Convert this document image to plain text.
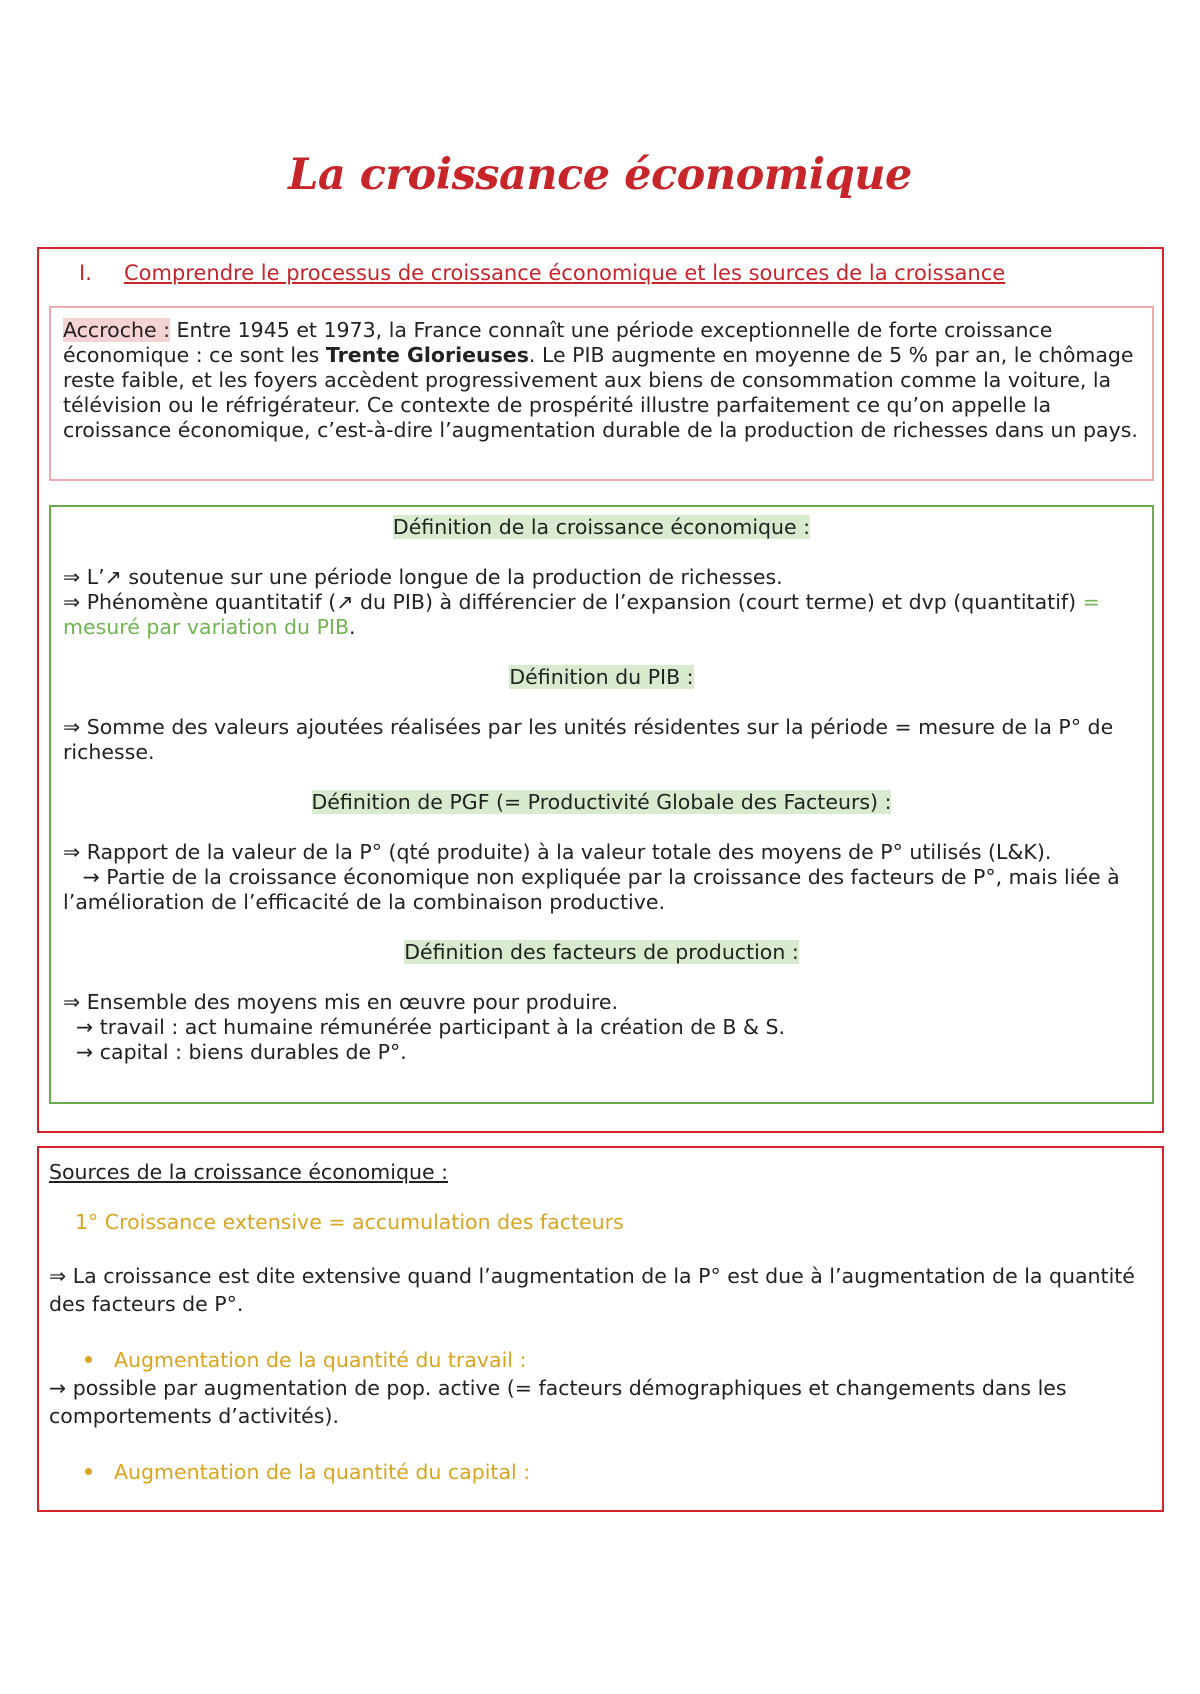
La croissance économique
I. Comprendre le processus de croissance économique et les sources de la croissance

Accroche : Entre 1945 et 1973, la France connaît une période exceptionnelle de forte croissance économique : ce sont les Trente Glorieuses. Le PIB augmente en moyenne de 5 % par an, le chômage reste faible, et les foyers accèdent progressivement aux biens de consommation comme la voiture, la télévision ou le réfrigérateur. Ce contexte de prospérité illustre parfaitement ce qu’on appelle la croissance économique, c’est-à-dire l’augmentation durable de la production de richesses dans un pays.

Définition de la croissance économique :

⇒ L’↗ soutenue sur une période longue de la production de richesses.

⇒ Phénomène quantitatif (↗ du PIB) à différencier de l’expansion (court terme) et dvp (quantitatif) = mesuré par variation du PIB.

Définition du PIB :

⇒ Somme des valeurs ajoutées réalisées par les unités résidentes sur la période = mesure de la P° de richesse.

Définition de PGF (= Productivité Globale des Facteurs) :

⇒ Rapport de la valeur de la P° (qté produite) à la valeur totale des moyens de P° utilisés (L&K).

→ Partie de la croissance économique non expliquée par la croissance des facteurs de P°, mais liée à l’amélioration de l’efficacité de la combinaison productive.

Définition des facteurs de production :

⇒ Ensemble des moyens mis en œuvre pour produire.

→ travail : act humaine rémunérée participant à la création de B & S.

→ capital : biens durables de P°.

Sources de la croissance économique :

1° Croissance extensive = accumulation des facteurs

⇒ La croissance est dite extensive quand l’augmentation de la P° est due à l’augmentation de la quantité des facteurs de P°.

Augmentation de la quantité du travail :

→ possible par augmentation de pop. active (= facteurs démographiques et changements dans les comportements d’activités).

Augmentation de la quantité du capital :
